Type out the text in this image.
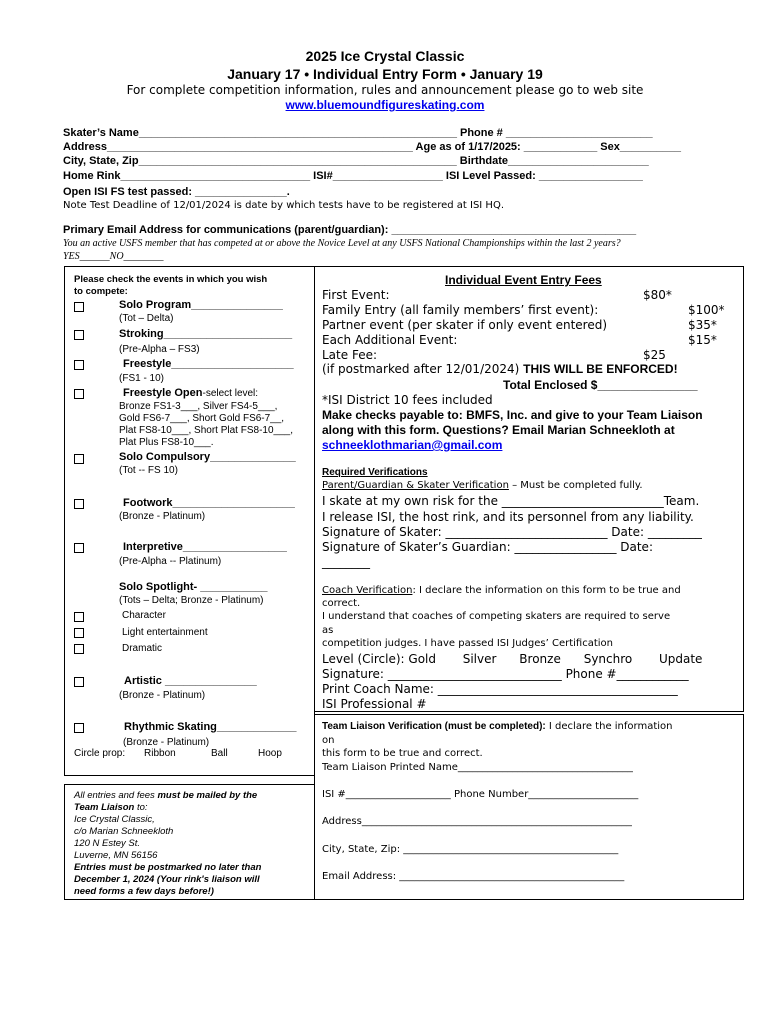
2025 Ice Crystal Classic
January 17 • Individual Entry Form • January 19
For complete competition information, rules and announcement please go to web site
www.bluemoundfigureskating.com
Skater’s Name____________________________________________________ Phone # ________________________
Address__________________________________________________ Age as of 1/17/2025: ____________ Sex__________
City, State, Zip____________________________________________________ Birthdate_______________________
Home Rink_______________________________ ISI#__________________ ISI Level Passed: _________________
Open ISI FS test passed: _______________.
Note Test Deadline of 12/01/2024 is date by which tests have to be registered at ISI HQ.
Primary Email Address for communications (parent/guardian): ________________________________________
You an active USFS member that has competed at or above the Novice Level at any USFS National Championships within the last 2 years?
YES______NO________
Please check the events in which you wish to compete:
Solo Program_______________
(Tot – Delta)
Stroking_____________________
(Pre-Alpha – FS3)
Freestyle____________________
(FS1 - 10)
Freestyle Open-select level:
Bronze FS1-3___, Silver FS4-5___,
Gold FS6-7___, Short Gold FS6-7__,
Plat FS8-10___, Short Plat FS8-10___,
Plat Plus FS8-10___.
Solo Compulsory______________
(Tot -- FS 10)
Footwork____________________
(Bronze - Platinum)
Interpretive_________________
(Pre-Alpha -- Platinum)
Solo Spotlight- ___________
(Tots – Delta; Bronze - Platinum)
Character
Light entertainment
Dramatic
Artistic _______________
(Bronze - Platinum)
Rhythmic Skating_____________
(Bronze - Platinum)
Circle prop: Ribbon	Ball	Hoop
All entries and fees must be mailed by the
Team Liaison to:
Ice Crystal Classic,
c/o Marian Schneekloth
120 N Estey St.
Luverne, MN 56156
Entries must be postmarked no later than
December 1, 2024 (Your rink's liaison will
need forms a few days before!)
Individual Event Entry Fees
First Event:	$80*
Family Entry (all family members’ first event):	$100*
Partner event (per skater if only event entered)	$35*
Each Additional Event:	$15*
Late Fee:	$25
(if postmarked after 12/01/2024) THIS WILL BE ENFORCED!
Total Enclosed $_______________
*ISI District 10 fees included
Make checks payable to: BMFS, Inc. and give to your Team Liaison
along with this form. Questions? Email Marian Schneekloth at
schneeklothmarian@gmail.com
Required Verifications
Parent/Guardian & Skater Verification – Must be completed fully.
I skate at my own risk for the ___________________________Team.
I release ISI, the host rink, and its personnel from any liability.
Signature of Skater: ___________________________ Date: _________
Signature of Skater’s Guardian: _________________ Date:
________
Coach Verification: I declare the information on this form to be true and
correct.
I understand that coaches of competing skaters are required to serve
as
competition judges. I have passed ISI Judges’ Certification
Level (Circle): Gold       Silver      Bronze      Synchro       Update
Signature: _____________________________ Phone #____________
Print Coach Name: ________________________________________
ISI Professional #
Team Liaison Verification (must be completed): I declare the information
on
this form to be true and correct.
Team Liaison Printed Name___________________________________
ISI #_____________________ Phone Number______________________
Address______________________________________________________
City, State, Zip: ___________________________________________
Email Address: _____________________________________________
